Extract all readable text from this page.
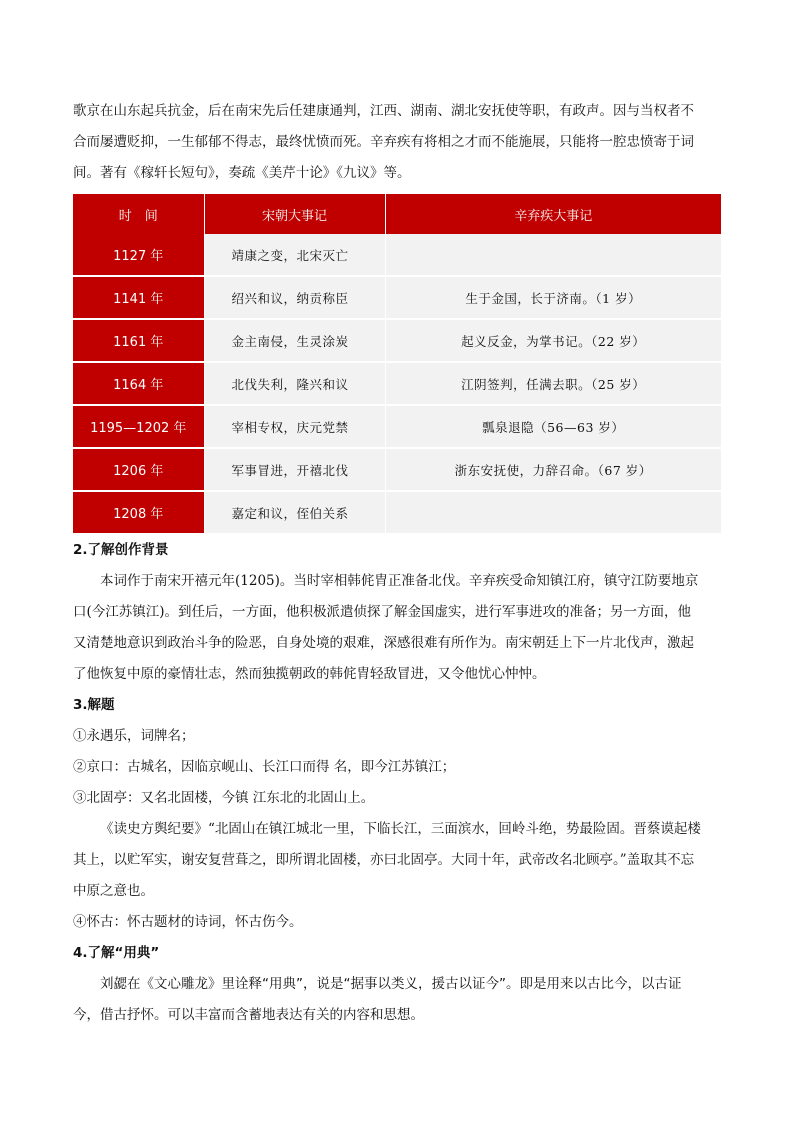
歌京在山东起兵抗金，后在南宋先后任建康通判，江西、湖南、湖北安抚使等职，有政声。因与当权者不

合而屡遭贬抑，一生郁郁不得志，最终忧愤而死。辛弃疾有将相之才而不能施展，只能将一腔忠愤寄于词

间。著有《稼轩长短句》，奏疏《美芹十论》《九议》等。

时　间	宋朝大事记	辛弃疾大事记
1127 年	靖康之变，北宋灭亡	
1141 年	绍兴和议，纳贡称臣	生于金国，长于济南。（1 岁）
1161 年	金主南侵，生灵涂炭	起义反金，为掌书记。（22 岁）
1164 年	北伐失利，隆兴和议	江阴签判，任满去职。（25 岁）
1195—1202 年	宰相专权，庆元党禁	瓢泉退隐（56—63 岁）
1206 年	军事冒进，开禧北伐	浙东安抚使，力辞召命。（67 岁）
1208 年	嘉定和议，侄伯关系	

2.了解创作背景

本词作于南宋开禧元年(1205)。当时宰相韩侂胄正准备北伐。辛弃疾受命知镇江府，镇守江防要地京

口(今江苏镇江)。到任后，一方面，他积极派遣侦探了解金国虚实，进行军事进攻的准备；另一方面，他

又清楚地意识到政治斗争的险恶，自身处境的艰难，深感很难有所作为。南宋朝廷上下一片北伐声，激起

了他恢复中原的豪情壮志，然而独揽朝政的韩侂胄轻敌冒进，又令他忧心忡忡。

3.解题

①永遇乐，词牌名；

②京口：古城名，因临京岘山、长江口而得 名，即今江苏镇江；

③北固亭：又名北固楼，今镇 江东北的北固山上。

《读史方舆纪要》“北固山在镇江城北一里，下临长江，三面滨水，回岭斗绝，势最险固。晋蔡谟起楼

其上，以贮军实，谢安复营葺之，即所谓北固楼，亦曰北固亭。大同十年，武帝改名北顾亭。”盖取其不忘

中原之意也。

④怀古：怀古题材的诗词，怀古伤今。

4.了解“用典”

刘勰在《文心雕龙》里诠释“用典”，说是“据事以类义，援古以证今”。即是用来以古比今，以古证

今，借古抒怀。可以丰富而含蓄地表达有关的内容和思想。
